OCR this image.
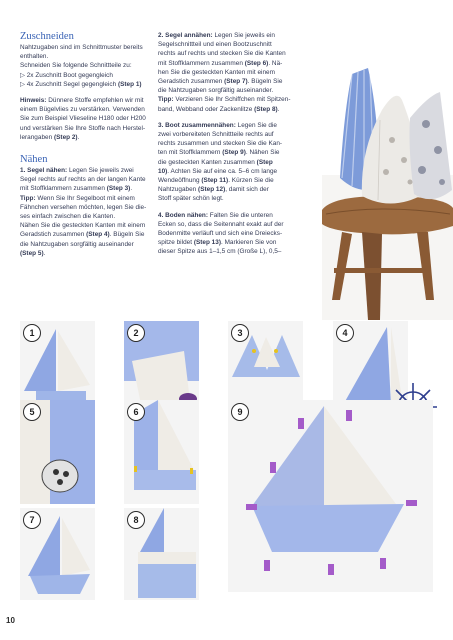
Zuschneiden

Nahtzugaben sind im Schnittmuster bereits

enthalten.

Schneiden Sie folgende Schnittteile zu:

▷ 2x Zuschnitt Boot gegengleich

▷ 4x Zuschnitt Segel gegengleich (Step 1)

Hinweis: Dünnere Stoffe empfehlen wir mit

einem Bügelvlies zu verstärken. Verwenden

Sie zum Beispiel Vlieseline H180 oder H200

und verstärken Sie Ihre Stoffe nach Herstel-

lerangaben (Step 2).

Nähen

1. Segel nähen: Legen Sie jeweils zwei

Segel rechts auf rechts an der langen Kante

mit Stoffklammern zusammen (Step 3).

Tipp: Wenn Sie Ihr Segelboot mit einem

Fähnchen versehen möchten, legen Sie die-

ses einfach zwischen die Kanten.

Nähen Sie die gesteckten Kanten mit einem

Geradstich zusammen (Step 4). Bügeln Sie

die Nahtzugaben sorgfältig auseinander

(Step 5).

2. Segel annähen: Legen Sie jeweils ein

Segelschnittteil und einen Bootzuschnitt

rechts auf rechts und stecken Sie die Kanten

mit Stoffklammern zusammen (Step 6). Nä-

hen Sie die gesteckten Kanten mit einem

Geradstich zusammen (Step 7). Bügeln Sie

die Nahtzugaben sorgfältig auseinander.

Tipp: Verzieren Sie Ihr Schiffchen mit Spitzen-

band, Webband oder Zackenlitze (Step 8).

3. Boot zusammennähen: Legen Sie die

zwei vorbereiteten Schnittteile rechts auf

rechts zusammen und stecken Sie die Kan-

ten mit Stoffklammern (Step 9). Nähen Sie

die gesteckten Kanten zusammen (Step

10). Achten Sie auf eine ca. 5–6 cm lange

Wendeöffnung (Step 11). Kürzen Sie die

Nahtzugaben (Step 12), damit sich der

Stoff später schön legt.

4. Boden nähen: Falten Sie die unteren

Ecken so, dass die Seitennaht exakt auf der

Bodenmitte verläuft und sich eine Dreiecks-

spitze bildet (Step 13). Markieren Sie von

dieser Spitze aus 1–1,5 cm (Große L), 0,5–

1	2	3	4
5	6	9
7	8
10
